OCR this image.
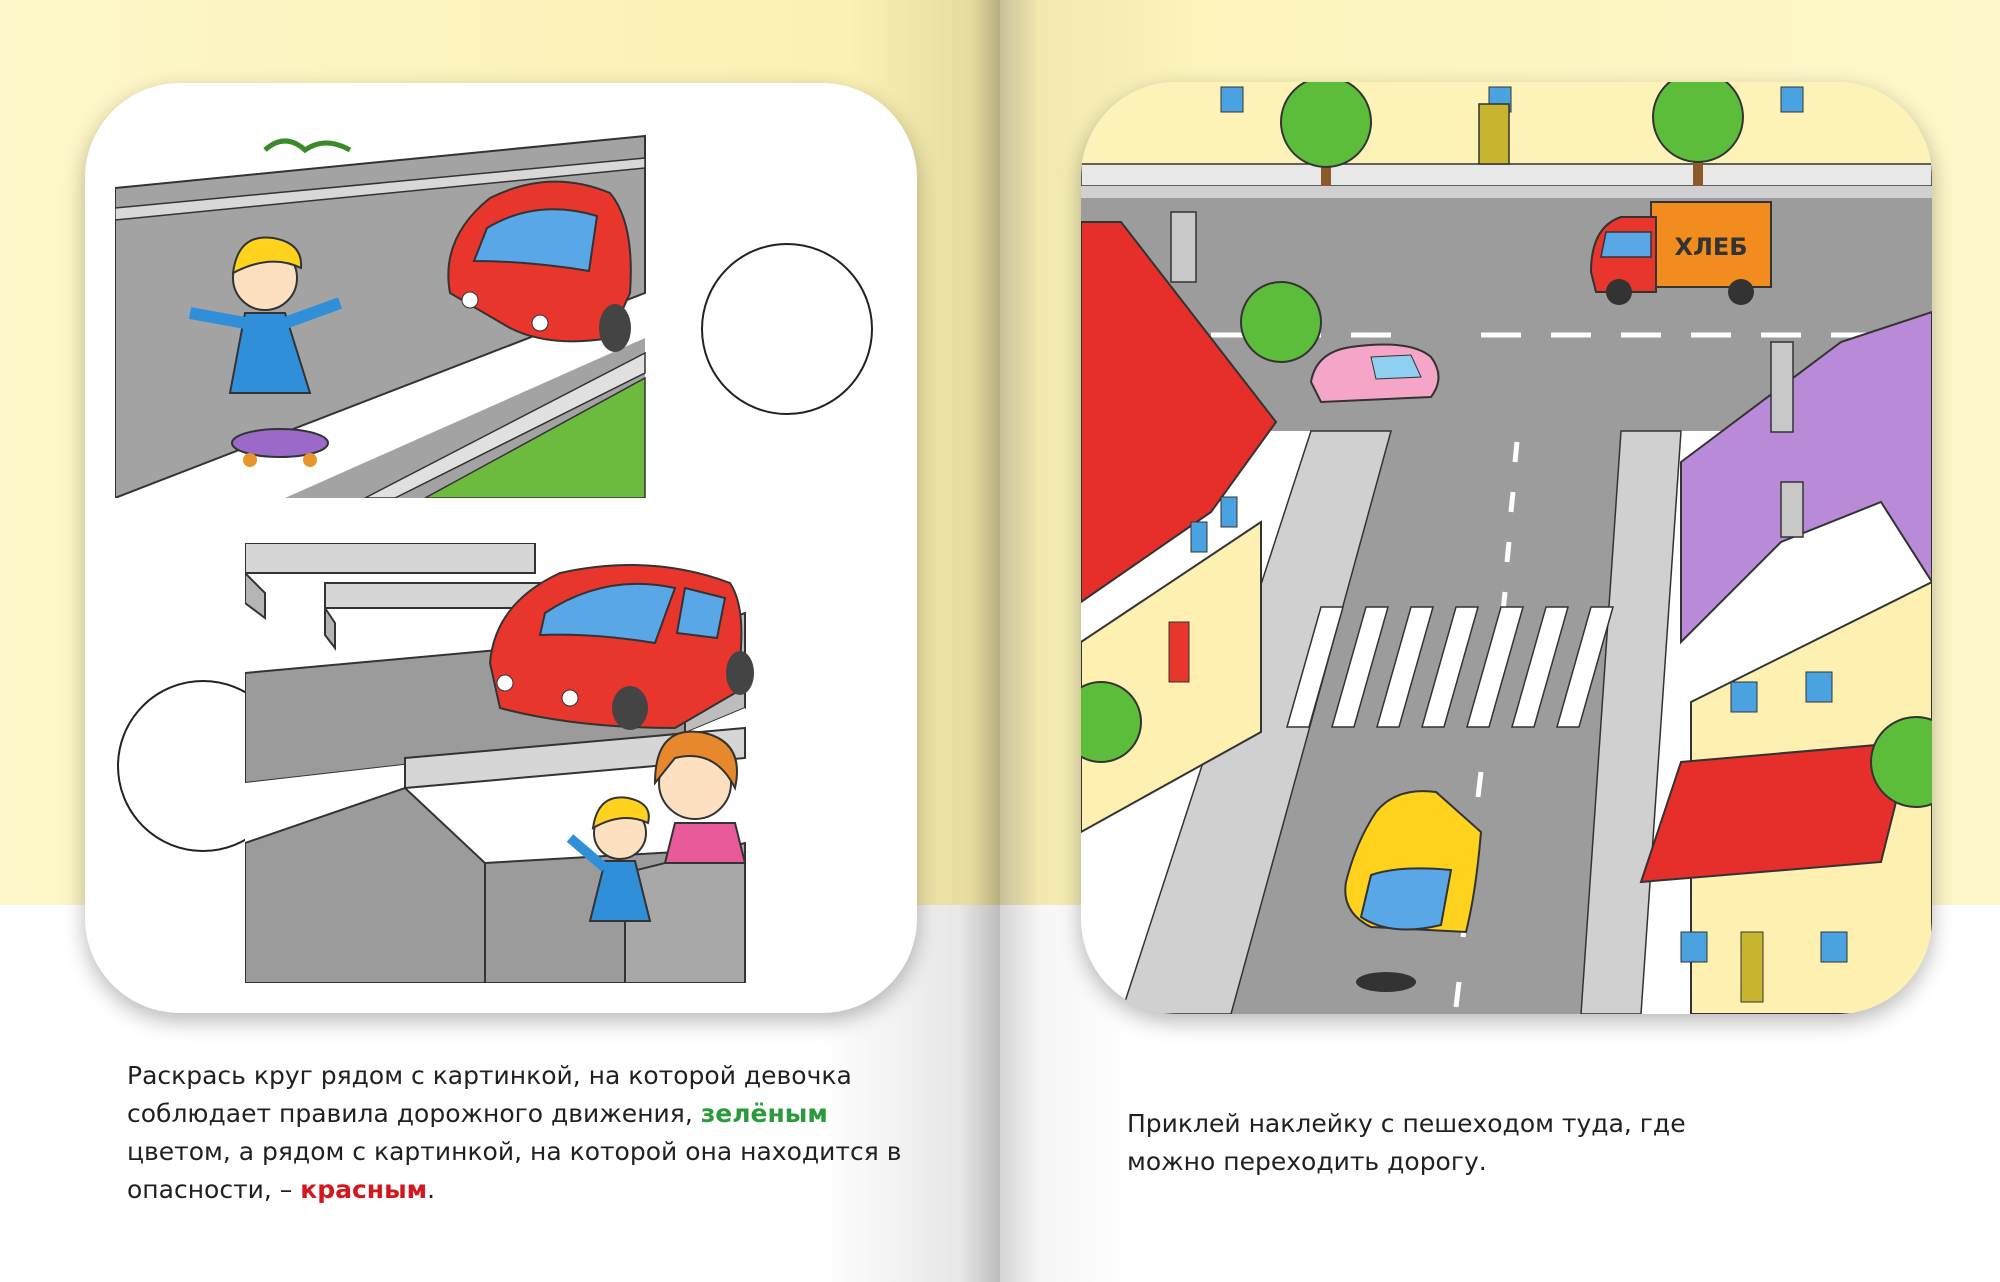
Раскрась круг рядом с картинкой, на которой девочка соблюдает правила дорожного движения, зелёным цветом, а рядом с картинкой, на которой она находится в опасности, – красным.

ХЛЕБ

Приклей наклейку с пешеходом туда, где можно переходить дорогу.
